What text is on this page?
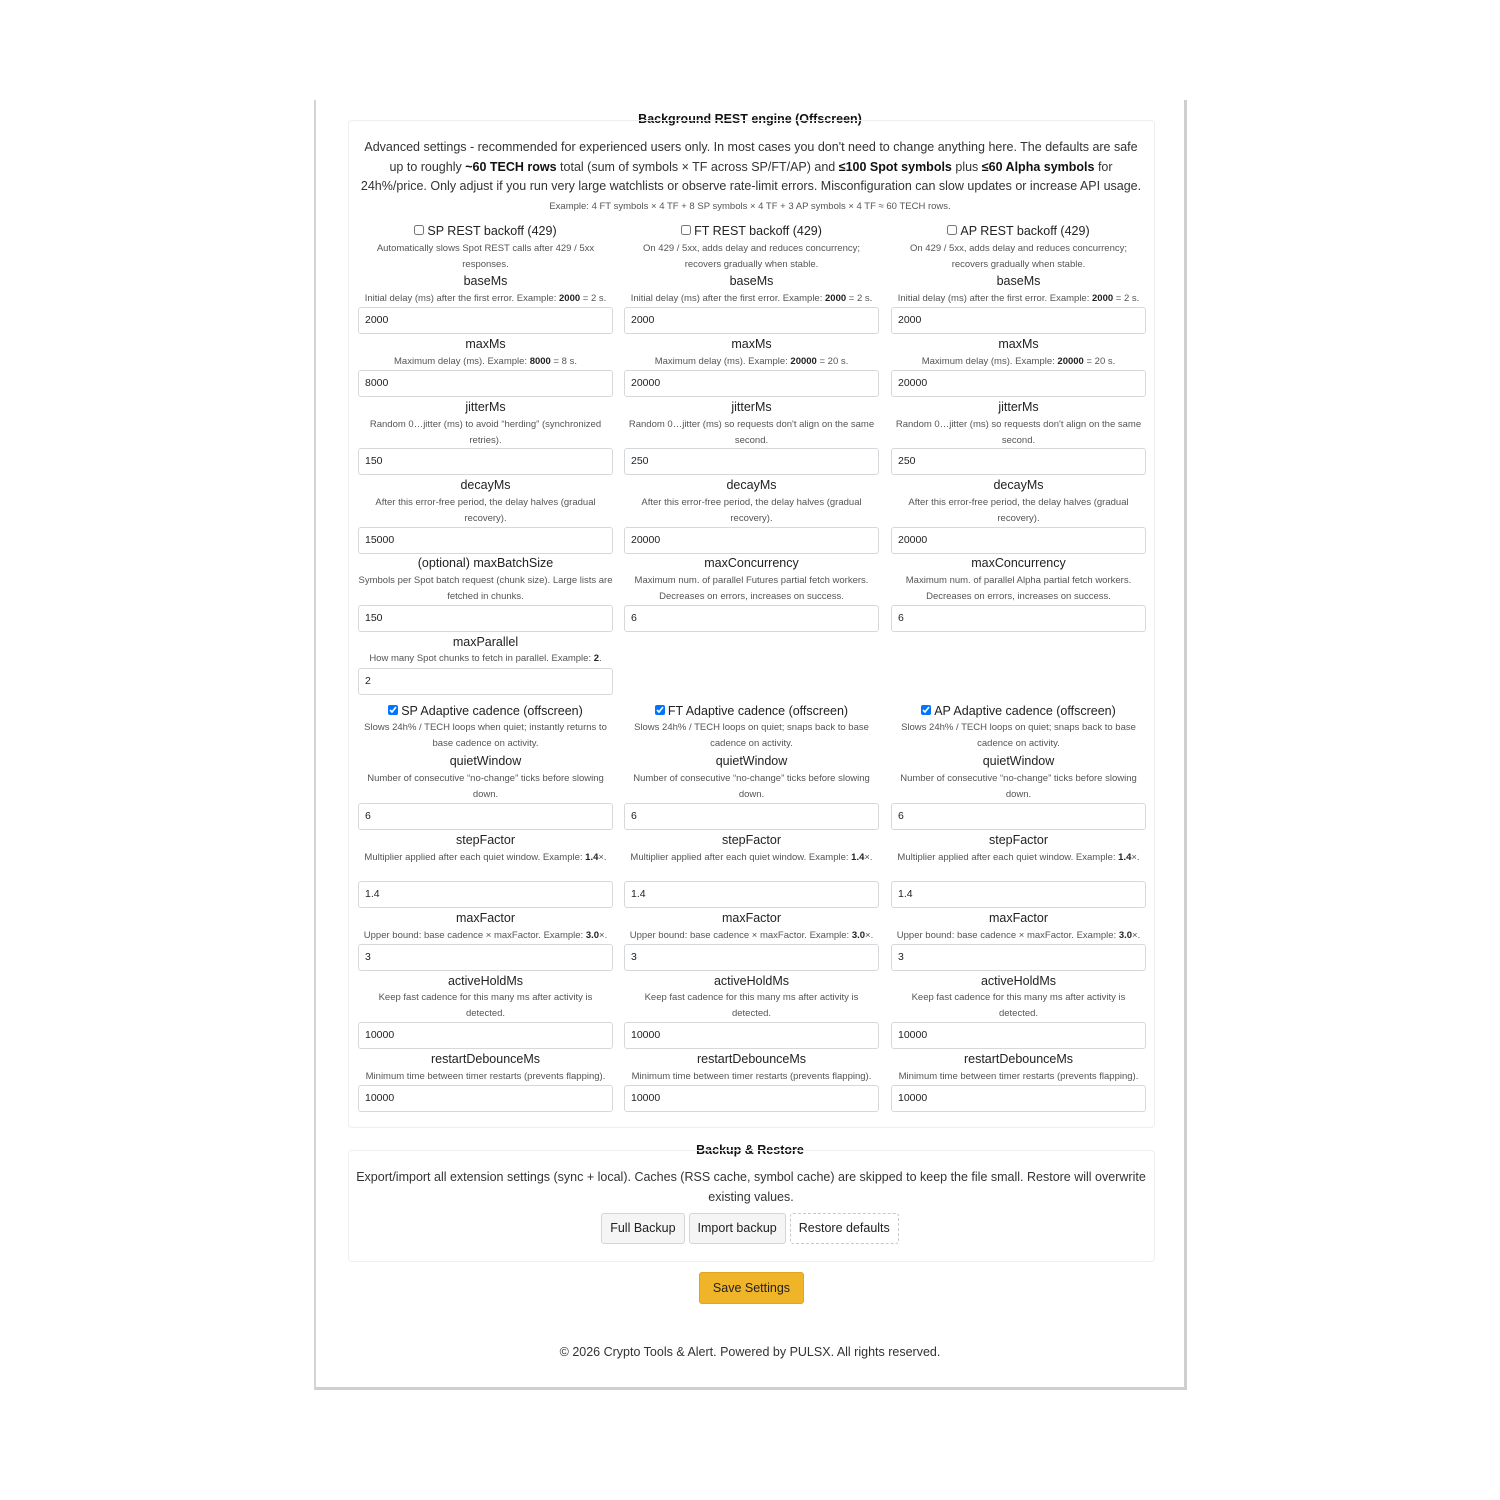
Background REST engine (Offscreen)
Advanced settings - recommended for experienced users only. In most cases you don't need to change anything here. The defaults are safe up to roughly ~60 TECH rows total (sum of symbols × TF across SP/FT/AP) and ≤100 Spot symbols plus ≤60 Alpha symbols for 24h%/price. Only adjust if you run very large watchlists or observe rate-limit errors. Misconfiguration can slow updates or increase API usage.
Example: 4 FT symbols × 4 TF + 8 SP symbols × 4 TF + 3 AP symbols × 4 TF ≈ 60 TECH rows.
SP REST backoff (429)
Automatically slows Spot REST calls after 429 / 5xx responses.
baseMs
Initial delay (ms) after the first error. Example: 2000 = 2 s.
2000
maxMs
Maximum delay (ms). Example: 8000 = 8 s.
8000
jitterMs
Random 0…jitter (ms) to avoid “herding” (synchronized retries).
150
decayMs
After this error-free period, the delay halves (gradual recovery).
15000
(optional) maxBatchSize
Symbols per Spot batch request (chunk size). Large lists are fetched in chunks.
150
maxParallel
How many Spot chunks to fetch in parallel. Example: 2.
2
FT REST backoff (429)
On 429 / 5xx, adds delay and reduces concurrency; recovers gradually when stable.
baseMs
Initial delay (ms) after the first error. Example: 2000 = 2 s.
2000
maxMs
Maximum delay (ms). Example: 20000 = 20 s.
20000
jitterMs
Random 0…jitter (ms) so requests don't align on the same second.
250
decayMs
After this error-free period, the delay halves (gradual recovery).
20000
maxConcurrency
Maximum num. of parallel Futures partial fetch workers. Decreases on errors, increases on success.
6
AP REST backoff (429)
On 429 / 5xx, adds delay and reduces concurrency; recovers gradually when stable.
baseMs
Initial delay (ms) after the first error. Example: 2000 = 2 s.
2000
maxMs
Maximum delay (ms). Example: 20000 = 20 s.
20000
jitterMs
Random 0…jitter (ms) so requests don't align on the same second.
250
decayMs
After this error-free period, the delay halves (gradual recovery).
20000
maxConcurrency
Maximum num. of parallel Alpha partial fetch workers. Decreases on errors, increases on success.
6
SP Adaptive cadence (offscreen)
Slows 24h% / TECH loops when quiet; instantly returns to base cadence on activity.
quietWindow
Number of consecutive “no-change” ticks before slowing down.
6
stepFactor
Multiplier applied after each quiet window. Example: 1.4×.
1.4
maxFactor
Upper bound: base cadence × maxFactor. Example: 3.0×.
3
activeHoldMs
Keep fast cadence for this many ms after activity is detected.
10000
restartDebounceMs
Minimum time between timer restarts (prevents flapping).
10000
FT Adaptive cadence (offscreen)
Slows 24h% / TECH loops on quiet; snaps back to base cadence on activity.
quietWindow
Number of consecutive “no-change” ticks before slowing down.
6
stepFactor
Multiplier applied after each quiet window. Example: 1.4×.
1.4
maxFactor
Upper bound: base cadence × maxFactor. Example: 3.0×.
3
activeHoldMs
Keep fast cadence for this many ms after activity is detected.
10000
restartDebounceMs
Minimum time between timer restarts (prevents flapping).
10000
AP Adaptive cadence (offscreen)
Slows 24h% / TECH loops on quiet; snaps back to base cadence on activity.
quietWindow
Number of consecutive “no-change” ticks before slowing down.
6
stepFactor
Multiplier applied after each quiet window. Example: 1.4×.
1.4
maxFactor
Upper bound: base cadence × maxFactor. Example: 3.0×.
3
activeHoldMs
Keep fast cadence for this many ms after activity is detected.
10000
restartDebounceMs
Minimum time between timer restarts (prevents flapping).
10000
Backup & Restore
Export/import all extension settings (sync + local). Caches (RSS cache, symbol cache) are skipped to keep the file small. Restore will overwrite existing values.
Full Backup Import backup Restore defaults
Save Settings
© 2026 Crypto Tools & Alert. Powered by PULSX. All rights reserved.
